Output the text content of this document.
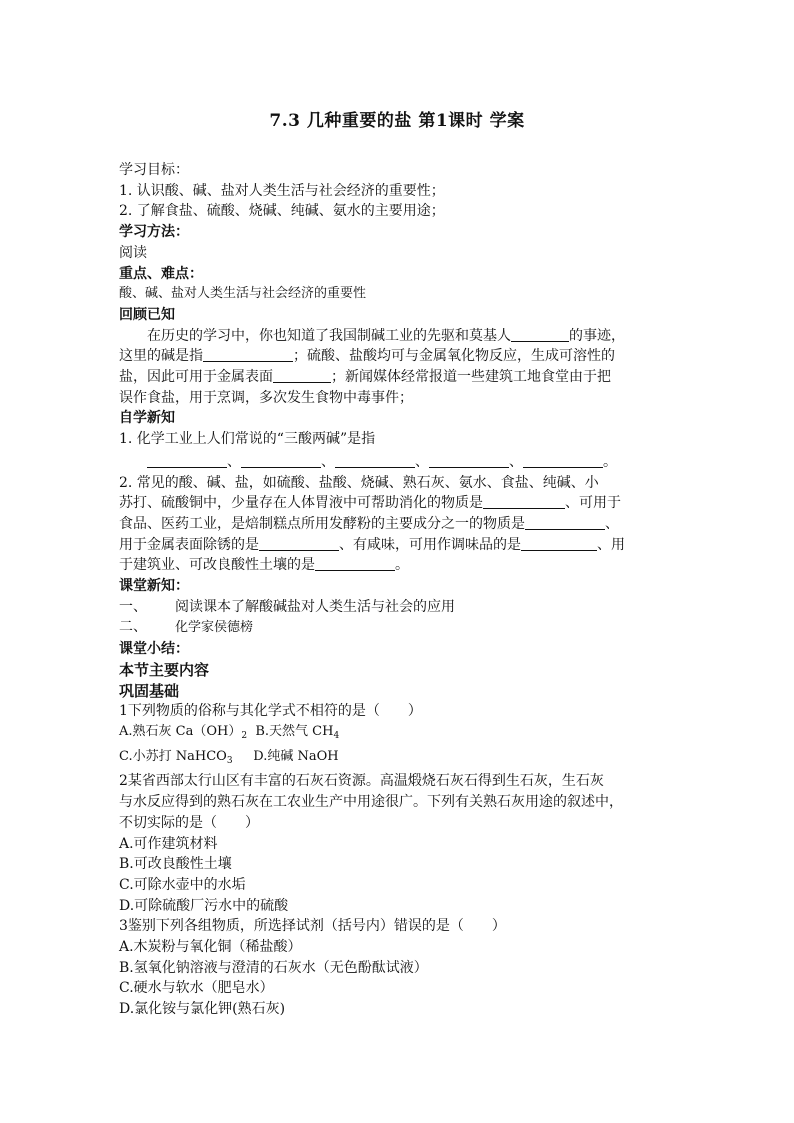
7.3 几种重要的盐 第1课时 学案

学习目标：

1. 认识酸、碱、盐对人类生活与社会经济的重要性；

2. 了解食盐、硫酸、烧碱、纯碱、氨水的主要用途；

学习方法：

阅读

重点、难点：

酸、碱、盐对人类生活与社会经济的重要性

回顾已知

在历史的学习中，你也知道了我国制碱工业的先驱和莫基人	的事迹，

这里的碱是指	；硫酸、盐酸均可与金属氧化物反应，生成可溶性的

盐，因此可用于金属表面	；新闻媒体经常报道一些建筑工地食堂由于把

误作食盐，用于烹调，多次发生食物中毒事件；

自学新知

1. 化学工业上人们常说的“三酸两碱”是指

、	、	、	、	。

2. 常见的酸、碱、盐，如硫酸、盐酸、烧碱、熟石灰、氨水、食盐、纯碱、小

苏打、硫酸铜中，少量存在人体胃液中可帮助消化的物质是	、可用于

食品、医药工业，是焙制糕点所用发酵粉的主要成分之一的物质是	、

用于金属表面除锈的是	、有咸味，可用作调味品的是	、用

于建筑业、可改良酸性土壤的是	。

课堂新知：

一、 阅读课本了解酸碱盐对人类生活与社会的应用

二、 化学家侯德榜

课堂小结：

本节主要内容

巩固基础

1下列物质的俗称与其化学式不相符的是（　　）

A.熟石灰 $Ca(OH)_2$ B.天然气 $CH_4$

C.小苏打 NaHCO$_3$ D.纯碱 NaOH

2某省西部太行山区有丰富的石灰石资源。高温煅烧石灰石得到生石灰，生石灰

与水反应得到的熟石灰在工农业生产中用途很广。下列有关熟石灰用途的叙述中，

不切实际的是（　　）

A.可作建筑材料

B.可改良酸性土壤

C.可除水壶中的水垢

D.可除硫酸厂污水中的硫酸

3鉴别下列各组物质，所选择试剂（括号内）错误的是（　　）

A.木炭粉与氧化铜（稀盐酸）

B.氢氧化钠溶液与澄清的石灰水（无色酚酞试液）

C.硬水与软水（肥皂水）

D.氯化铵与氯化钾(熟石灰)
